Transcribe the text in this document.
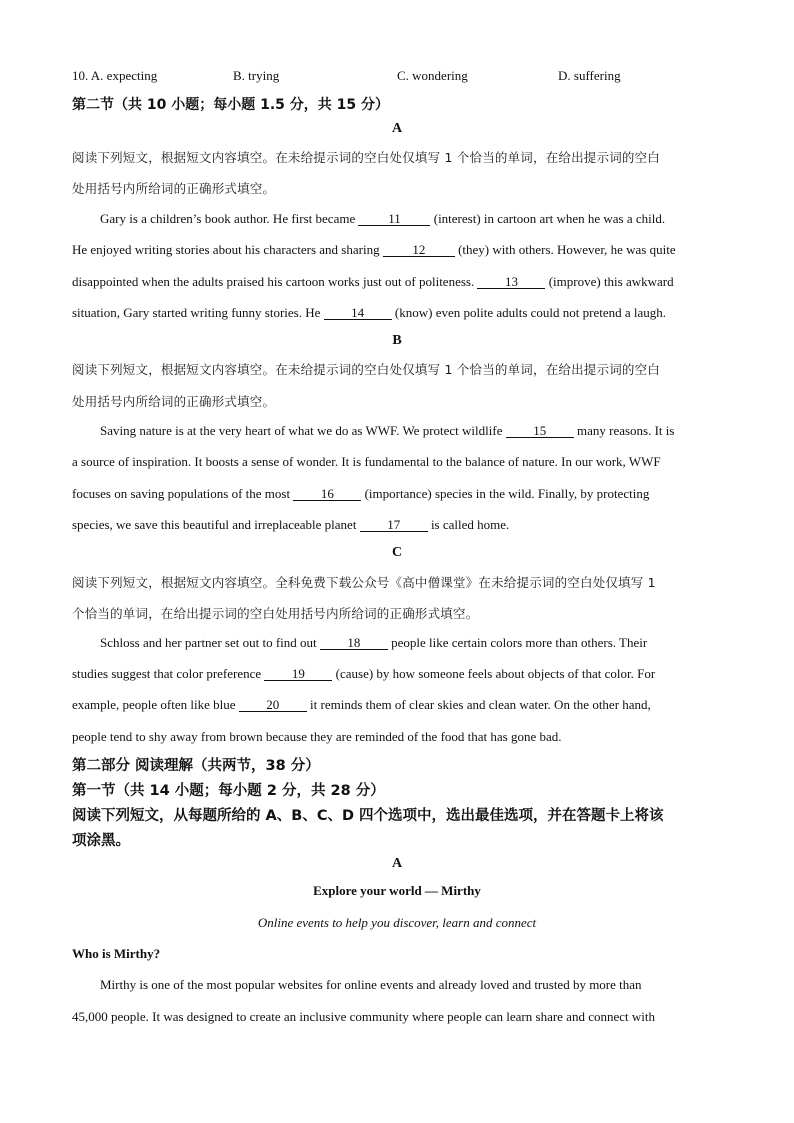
10. A. expecting	B. trying	C. wondering	D. suffering
第二节（共 10 小题；每小题 1.5 分，共 15 分）
A
阅读下列短文，根据短文内容填空。在未给提示词的空白处仅填写 1 个恰当的单词，在给出提示词的空白
处用括号内所给词的正确形式填空。
Gary is a children’s book author. He first became 11 (interest) in cartoon art when he was a child.
He enjoyed writing stories about his characters and sharing 12 (they) with others. However, he was quite
disappointed when the adults praised his cartoon works just out of politeness. 13 (improve) this awkward
situation, Gary started writing funny stories. He 14 (know) even polite adults could not pretend a laugh.
B
阅读下列短文，根据短文内容填空。在未给提示词的空白处仅填写 1 个恰当的单词，在给出提示词的空白
处用括号内所给词的正确形式填空。
Saving nature is at the very heart of what we do as WWF. We protect wildlife 15 many reasons. It is
a source of inspiration. It boosts a sense of wonder. It is fundamental to the balance of nature. In our work, WWF
focuses on saving populations of the most 16 (importance) species in the wild. Finally, by protecting
species, we save this beautiful and irreplaceable planet 17 is called home.
C
阅读下列短文，根据短文内容填空。全科免费下载公众号《高中僧课堂》在未给提示词的空白处仅填写 1
个恰当的单词，在给出提示词的空白处用括号内所给词的正确形式填空。
Schloss and her partner set out to find out 18 people like certain colors more than others. Their
studies suggest that color preference 19 (cause) by how someone feels about objects of that color. For
example, people often like blue 20 it reminds them of clear skies and clean water. On the other hand,
people tend to shy away from brown because they are reminded of the food that has gone bad.
第二部分 阅读理解（共两节，38 分）
第一节（共 14 小题；每小题 2 分，共 28 分）
阅读下列短文，从每题所给的 A、B、C、D 四个选项中，选出最佳选项，并在答题卡上将该
项涂黑。
A
Explore your world — Mirthy
Online events to help you discover, learn and connect
Who is Mirthy?
Mirthy is one of the most popular websites for online events and already loved and trusted by more than
45,000 people. It was designed to create an inclusive community where people can learn share and connect with
